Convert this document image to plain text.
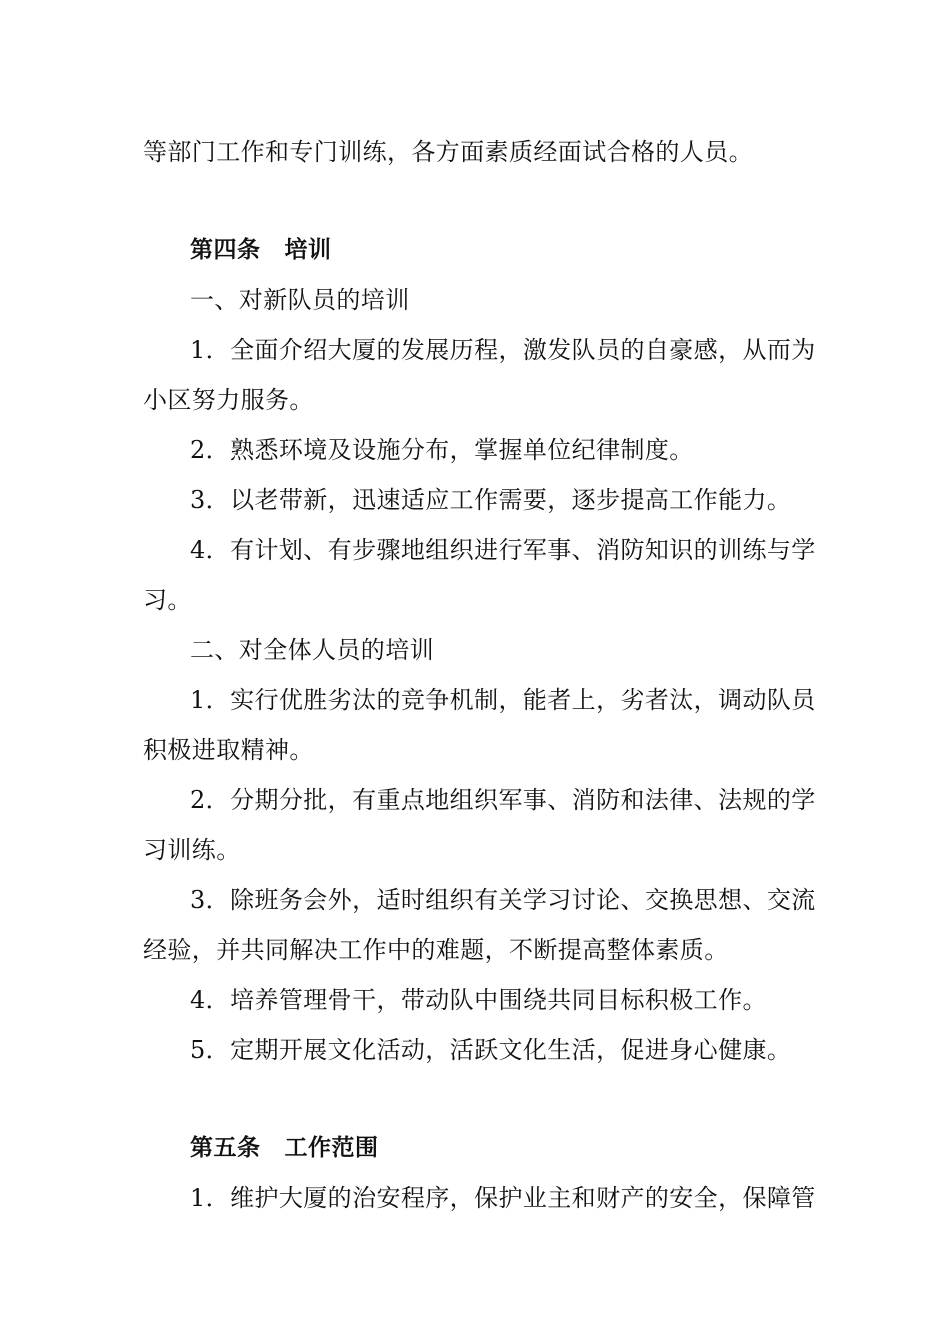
等部门工作和专门训练，各方面素质经面试合格的人员。
第四条 培训
一、对新队员的培训
1．全面介绍大厦的发展历程，激发队员的自豪感，从而为
小区努力服务。
2．熟悉环境及设施分布，掌握单位纪律制度。
3．以老带新，迅速适应工作需要，逐步提高工作能力。
4．有计划、有步骤地组织进行军事、消防知识的训练与学
习。
二、对全体人员的培训
1．实行优胜劣汰的竞争机制，能者上，劣者汰，调动队员
积极进取精神。
2．分期分批，有重点地组织军事、消防和法律、法规的学
习训练。
3．除班务会外，适时组织有关学习讨论、交换思想、交流
经验，并共同解决工作中的难题，不断提高整体素质。
4．培养管理骨干，带动队中围绕共同目标积极工作。
5．定期开展文化活动，活跃文化生活，促进身心健康。
第五条 工作范围
1．维护大厦的治安程序，保护业主和财产的安全，保障管
